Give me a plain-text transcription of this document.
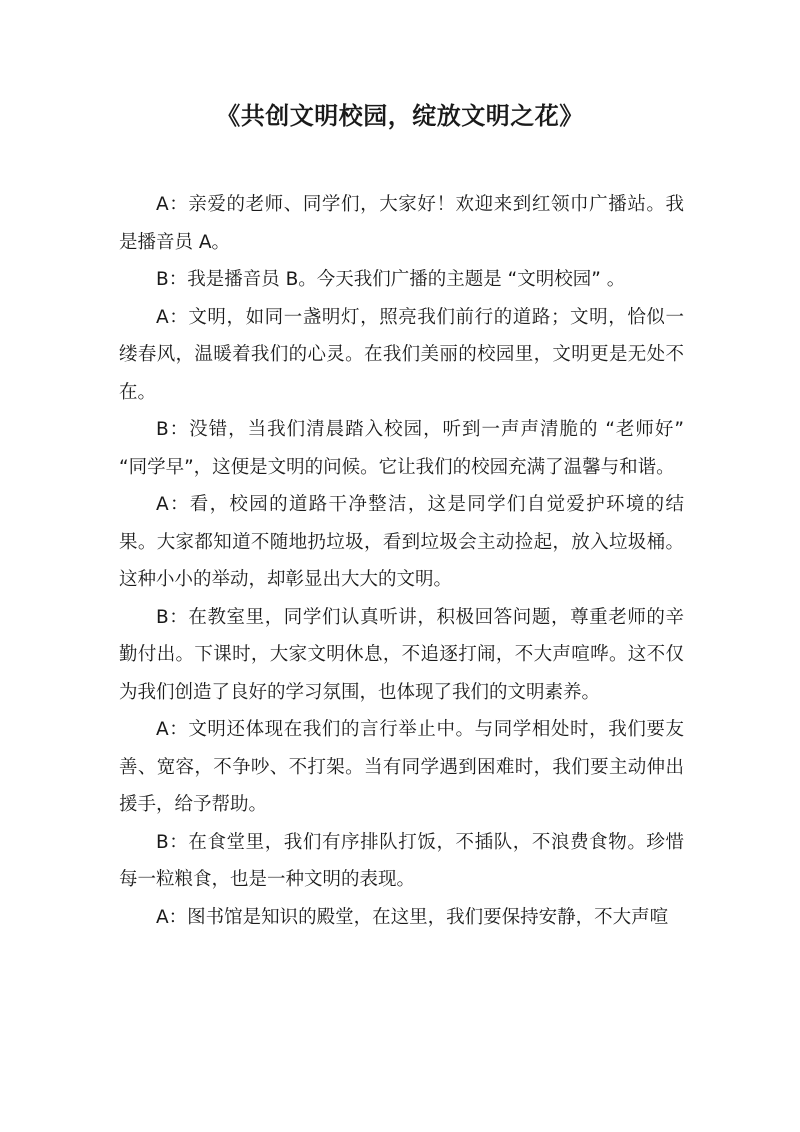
《共创文明校园，绽放文明之花》

A：亲爱的老师、同学们，大家好！欢迎来到红领巾广播站。我是播音员 A。

B：我是播音员 B。今天我们广播的主题是 “文明校园” 。

A：文明，如同一盏明灯，照亮我们前行的道路；文明，恰似一缕春风，温暖着我们的心灵。在我们美丽的校园里，文明更是无处不在。

B：没错，当我们清晨踏入校园，听到一声声清脆的 “老师好” “同学早”，这便是文明的问候。它让我们的校园充满了温馨与和谐。

A：看，校园的道路干净整洁，这是同学们自觉爱护环境的结果。大家都知道不随地扔垃圾，看到垃圾会主动捡起，放入垃圾桶。这种小小的举动，却彰显出大大的文明。

B：在教室里，同学们认真听讲，积极回答问题，尊重老师的辛勤付出。下课时，大家文明休息，不追逐打闹，不大声喧哗。这不仅为我们创造了良好的学习氛围，也体现了我们的文明素养。

A：文明还体现在我们的言行举止中。与同学相处时，我们要友善、宽容，不争吵、不打架。当有同学遇到困难时，我们要主动伸出援手，给予帮助。

B：在食堂里，我们有序排队打饭，不插队，不浪费食物。珍惜每一粒粮食，也是一种文明的表现。

A：图书馆是知识的殿堂，在这里，我们要保持安静，不大声喧
